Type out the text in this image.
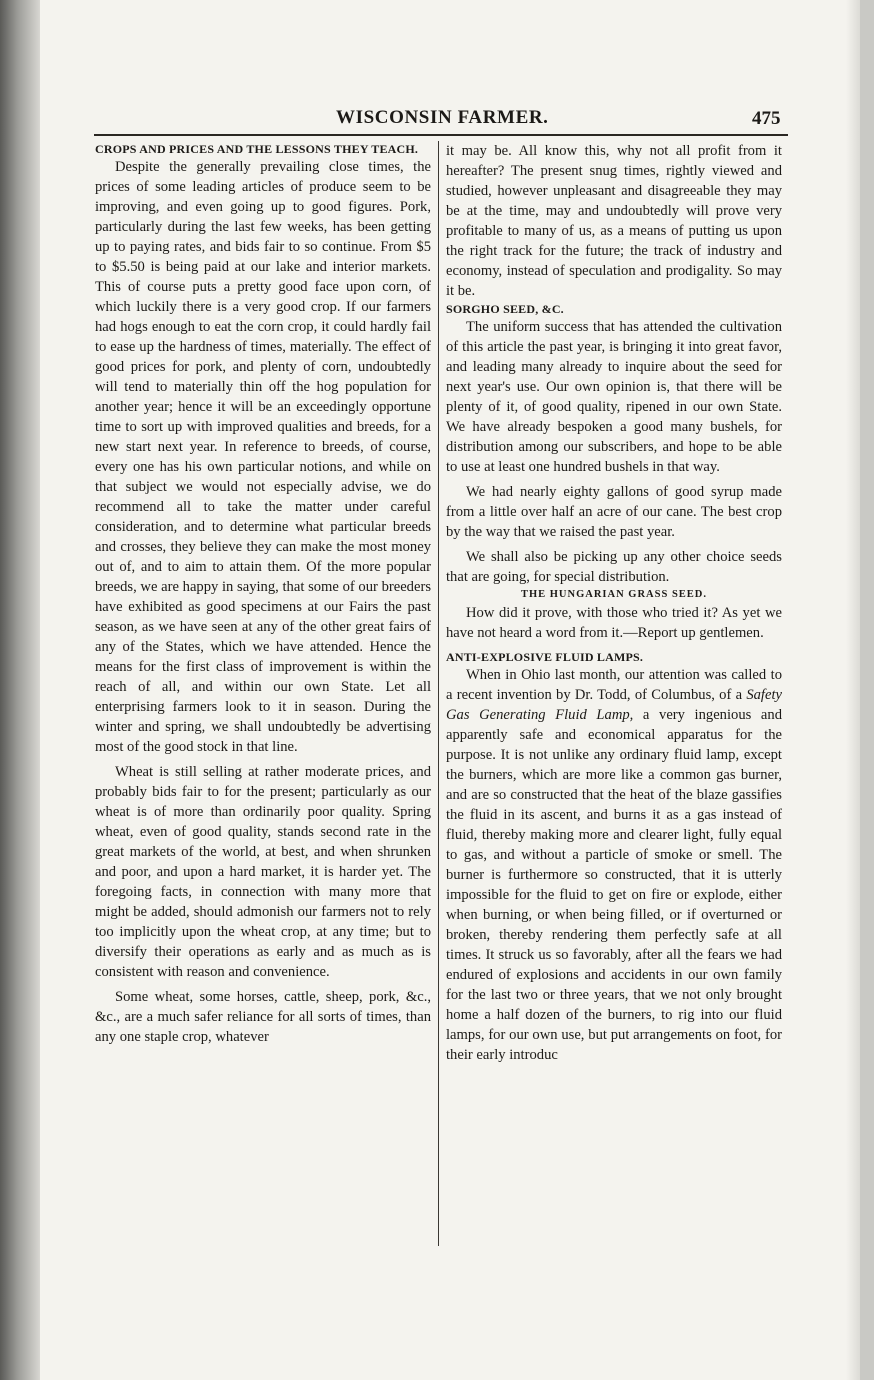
WISCONSIN FARMER.	475

CROPS AND PRICES AND THE LESSONS THEY TEACH.

Despite the generally prevailing close times, the prices of some leading articles of produce seem to be improving, and even going up to good figures. Pork, particularly during the last few weeks, has been getting up to paying rates, and bids fair to so continue. From $5 to $5.50 is being paid at our lake and interior markets. This of course puts a pretty good face upon corn, of which luckily there is a very good crop. If our farmers had hogs enough to eat the corn crop, it could hardly fail to ease up the hardness of times, materially. The effect of good prices for pork, and plenty of corn, undoubtedly will tend to materially thin off the hog population for another year; hence it will be an exceedingly opportune time to sort up with improved qualities and breeds, for a new start next year. In reference to breeds, of course, every one has his own particular notions, and while on that subject we would not especially advise, we do recommend all to take the matter under careful consideration, and to determine what particular breeds and crosses, they believe they can make the most money out of, and to aim to attain them. Of the more popular breeds, we are happy in saying, that some of our breeders have exhibited as good specimens at our Fairs the past season, as we have seen at any of the other great fairs of any of the States, which we have attended. Hence the means for the first class of improvement is within the reach of all, and within our own State. Let all enterprising farmers look to it in season. During the winter and spring, we shall undoubtedly be advertising most of the good stock in that line.

Wheat is still selling at rather moderate prices, and probably bids fair to for the present; particularly as our wheat is of more than ordinarily poor quality. Spring wheat, even of good quality, stands second rate in the great markets of the world, at best, and when shrunken and poor, and upon a hard market, it is harder yet. The foregoing facts, in connection with many more that might be added, should admonish our farmers not to rely too implicitly upon the wheat crop, at any time; but to diversify their operations as early and as much as is consistent with reason and convenience.

Some wheat, some horses, cattle, sheep, pork, &c., &c., are a much safer reliance for all sorts of times, than any one staple crop, whatever

it may be. All know this, why not all profit from it hereafter? The present snug times, rightly viewed and studied, however unpleasant and disagreeable they may be at the time, may and undoubtedly will prove very profitable to many of us, as a means of putting us upon the right track for the future; the track of industry and economy, instead of speculation and prodigality. So may it be.

SORGHO SEED, &C.

The uniform success that has attended the cultivation of this article the past year, is bringing it into great favor, and leading many already to inquire about the seed for next year's use. Our own opinion is, that there will be plenty of it, of good quality, ripened in our own State. We have already bespoken a good many bushels, for distribution among our subscribers, and hope to be able to use at least one hundred bushels in that way.

We had nearly eighty gallons of good syrup made from a little over half an acre of our cane. The best crop by the way that we raised the past year.

We shall also be picking up any other choice seeds that are going, for special distribution.

THE HUNGARIAN GRASS SEED.

How did it prove, with those who tried it? As yet we have not heard a word from it.—Report up gentlemen.

ANTI-EXPLOSIVE FLUID LAMPS.

When in Ohio last month, our attention was called to a recent invention by Dr. Todd, of Columbus, of a Safety Gas Generating Fluid Lamp, a very ingenious and apparently safe and economical apparatus for the purpose. It is not unlike any ordinary fluid lamp, except the burners, which are more like a common gas burner, and are so constructed that the heat of the blaze gassifies the fluid in its ascent, and burns it as a gas instead of fluid, thereby making more and clearer light, fully equal to gas, and without a particle of smoke or smell. The burner is furthermore so constructed, that it is utterly impossible for the fluid to get on fire or explode, either when burning, or when being filled, or if overturned or broken, thereby rendering them perfectly safe at all times. It struck us so favorably, after all the fears we had endured of explosions and accidents in our own family for the last two or three years, that we not only brought home a half dozen of the burners, to rig into our fluid lamps, for our own use, but put arrangements on foot, for their early introduc
